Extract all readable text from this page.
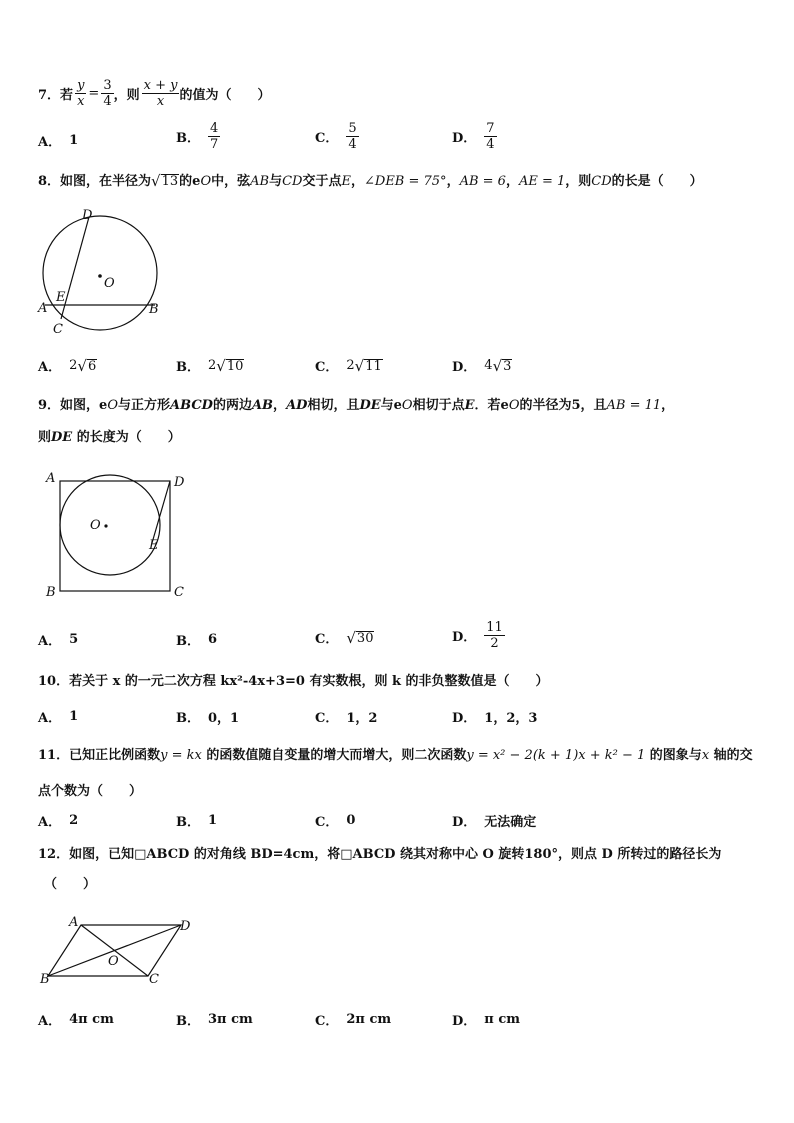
7． 若 $\frac{y}{x} = \frac{3}{4}$ ，则 $\frac{x + y}{x}$ 的值为（　　）
A． 1	B． $\frac{4}{7}$	C． $\frac{5}{4}$	D． $\frac{7}{4}$
8．如图，在半径为 √ 13 的e O 中，弦 AB 与 CD 交于点 E ， ∠DEB = 75° ， AB = 6 ， AE = 1 ，则 CD 的长是（　　）
D
O
E
A	B
C
A． 2 √ 6	B． 2 √ 10	C． 2 √ 11	D． 4 √ 3
9．如图，e O 与正方形 ABCD 的两边 AB ， AD 相切，且 DE 与e O 相切于点 E ．若e O 的半径为5，且 AB = 11 ，
则DE 的长度为（　　）
A	D
O
E
B	C
A． 5	B． 6	C． √ 30	D． $\frac{11}{2}$
10．若关于 x 的一元二次方程 kx²-4x+3=0 有实数根，则 k 的非负整数值是（　　）
A． 1	B． 0，1	C． 1，2	D． 1，2，3
11．已知正比例函数y = kx 的函数值随自变量的增大而增大，则二次函数y = x² − 2(k + 1)x + k² − 1 的图象与x 轴的交
点个数为（　　）
A． 2	B． 1	C． 0	D． 无法确定
12．如图，已知□ABCD 的对角线 BD=4cm，将□ABCD 绕其对称中心 O 旋转180°，则点 D 所转过的路径长为
（　　）
A	D
O
B	C
A． 4π cm	B． 3π cm	C． 2π cm	D． π cm
